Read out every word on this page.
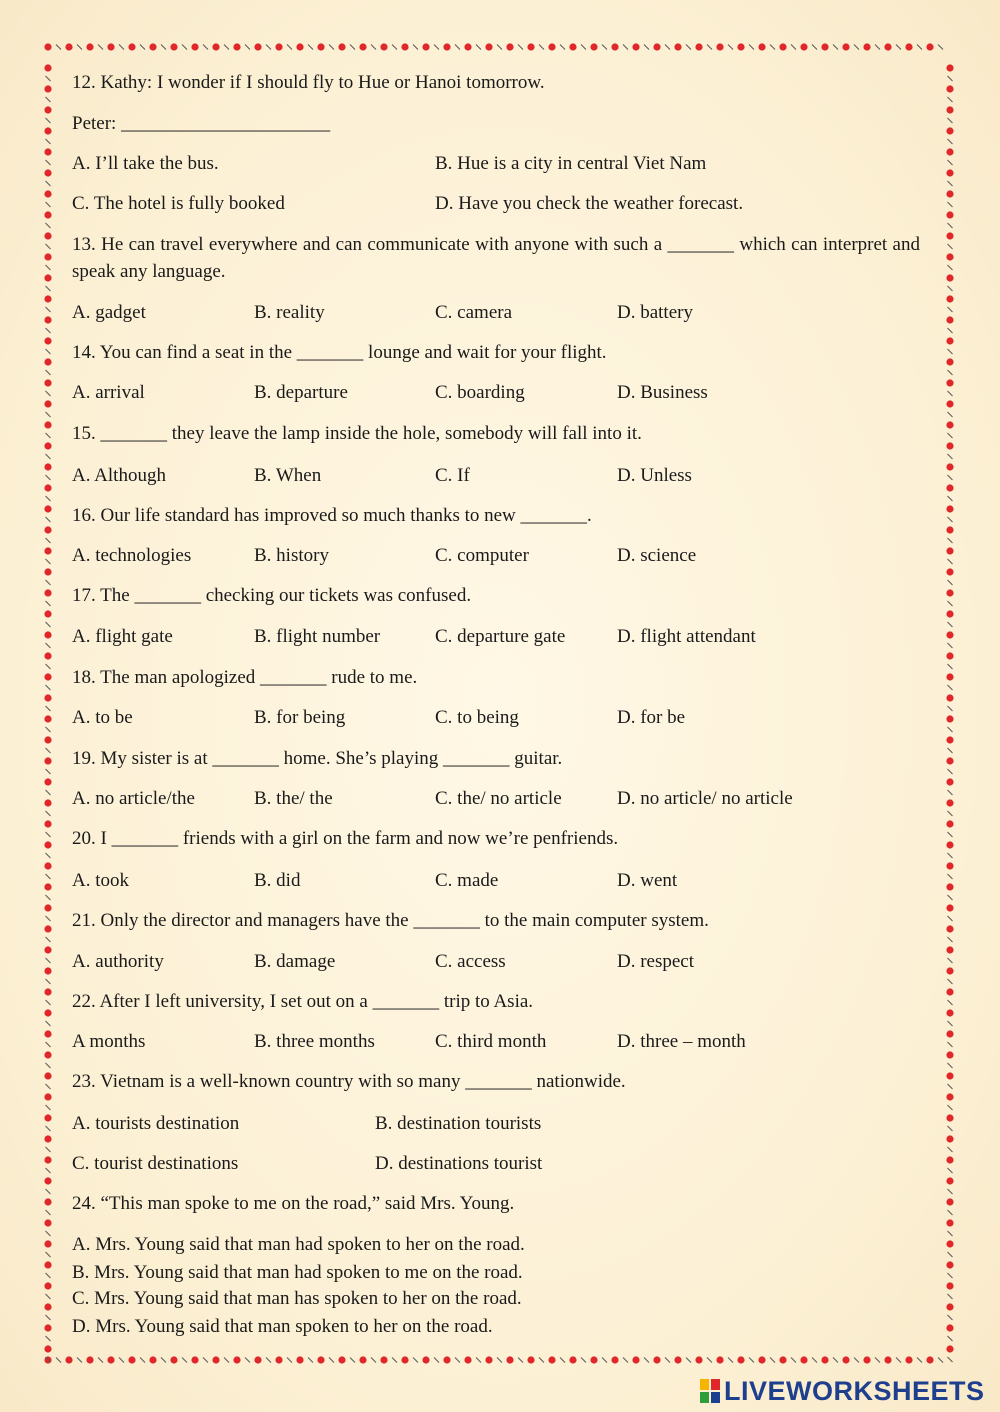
12. Kathy: I wonder if I should fly to Hue or Hanoi tomorrow.
Peter: ______________________
A. I’ll take the bus.	B. Hue is a city in central Viet Nam
C. The hotel is fully booked	D. Have you check the weather forecast.
13. He can travel everywhere and can communicate with anyone with such a _______ which can interpret and speak any language.
A. gadget	B. reality	C. camera	D. battery
14. You can find a seat in the _______ lounge and wait for your flight.
A. arrival	B. departure	C. boarding	D. Business
15. _______ they leave the lamp inside the hole, somebody will fall into it.
A. Although	B. When	C. If	D. Unless
16. Our life standard has improved so much thanks to new _______.
A. technologies	B. history	C. computer	D. science
17. The _______ checking our tickets was confused.
A. flight gate	B. flight number	C. departure gate	D. flight attendant
18. The man apologized _______ rude to me.
A. to be	B. for being	C. to being	D. for be
19. My sister is at _______ home. She’s playing _______ guitar.
A. no article/the	B. the/ the	C. the/ no article	D. no article/ no article
20. I _______ friends with a girl on the farm and now we’re penfriends.
A. took	B. did	C. made	D. went
21. Only the director and managers have the _______ to the main computer system.
A. authority	B. damage	C. access	D. respect
22. After I left university, I set out on a _______ trip to Asia.
A months	B. three months	C. third month	D. three – month
23. Vietnam is a well-known country with so many _______ nationwide.
A. tourists destination	B. destination tourists
C. tourist destinations	D. destinations tourist
24. “This man spoke to me on the road,” said Mrs. Young.
A. Mrs. Young said that man had spoken to her on the road.
B. Mrs. Young said that man had spoken to me on the road.
C. Mrs. Young said that man has spoken to her on the road.
D. Mrs. Young said that man spoken to her on the road.
LIVEWORKSHEETS
